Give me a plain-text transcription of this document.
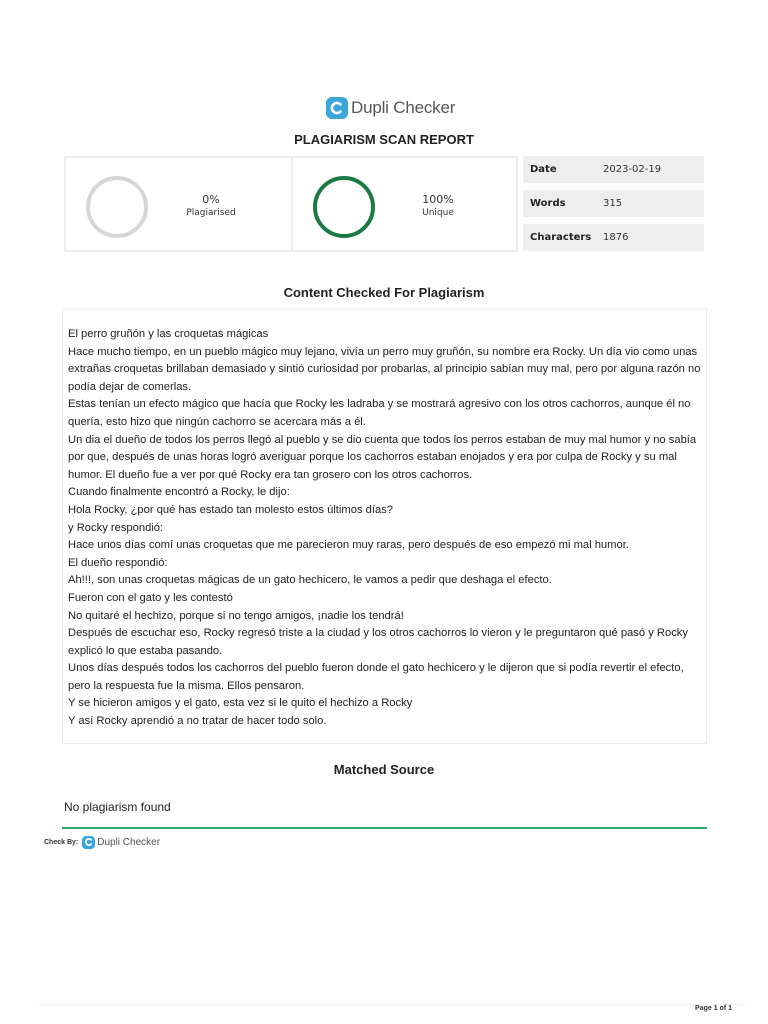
Dupli Checker
PLAGIARISM SCAN REPORT
0%
Plagiarised
100%
Unique
Date	2023-02-19
Words	315
Characters 1876
Content Checked For Plagiarism

El perro gruñón y las croquetas mágicas

Hace mucho tiempo, en un pueblo mágico muy lejano, vivía un perro muy gruñón, su nombre era Rocky. Un día vio como unas extrañas croquetas brillaban demasiado y sintió curiosidad por probarlas, al principio sabían muy mal, pero por alguna razón no podía dejar de comerlas.

Estas tenían un efecto mágico que hacía que Rocky les ladraba y se mostrará agresivo con los otros cachorros, aunque él no quería, esto hizo que ningún cachorro se acercara más a él.

Un dia el dueño de todos los perros llegó al pueblo y se dio cuenta que todos los perros estaban de muy mal humor y no sabía por que, después de unas horas logró averiguar porque los cachorros estaban enojados y era por culpa de Rocky y su mal humor. El dueño fue a ver por qué Rocky era tan grosero con los otros cachorros.

Cuando finalmente encontró a Rocky, le dijo:

Hola Rocky, ¿por qué has estado tan molesto estos últimos días?

y Rocky respondió:

Hace unos días comí unas croquetas que me parecieron muy raras, pero después de eso empezó mi mal humor.

El dueño respondió:

Ah!!!, son unas croquetas mágicas de un gato hechicero, le vamos a pedir que deshaga el efecto.

Fueron con el gato y les contestó

No quitaré el hechizo, porque si no tengo amigos, ¡nadie los tendrá!

Después de escuchar eso, Rocky regresó triste a la ciudad y los otros cachorros lo vieron y le preguntaron qué pasó y Rocky explicó lo que estaba pasando.

Unos días después todos los cachorros del pueblo fueron donde el gato hechicero y le dijeron que si podía revertir el efecto, pero la respuesta fue la misma. Ellos pensaron.

Y se hicieron amigos y el gato, esta vez si le quito el hechizo a Rocky

Y así Rocky aprendió a no tratar de hacer todo solo.

Matched Source
No plagiarism found
Check By: Dupli Checker
Page 1 of 1
